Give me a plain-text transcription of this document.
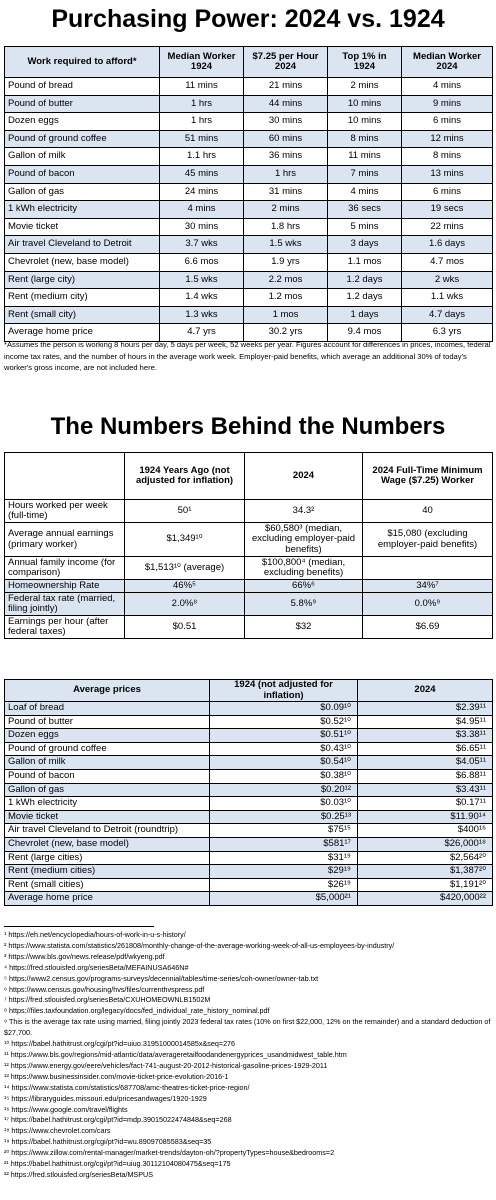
Purchasing Power: 2024 vs. 1924
Work required to afford*	Median Worker 1924	$7.25 per Hour 2024	Top 1% in 1924	Median Worker 2024
Pound of bread	11 mins	21 mins	2 mins	4 mins
Pound of butter	1 hrs	44 mins	10 mins	9 mins
Dozen eggs	1 hrs	30 mins	10 mins	6 mins
Pound of ground coffee	51 mins	60 mins	8 mins	12 mins
Gallon of milk	1.1 hrs	36 mins	11 mins	8 mins
Pound of bacon	45 mins	1 hrs	7 mins	13 mins
Gallon of gas	24 mins	31 mins	4 mins	6 mins
1 kWh electricity	4 mins	2 mins	36 secs	19 secs
Movie ticket	30 mins	1.8 hrs	5 mins	22 mins
Air travel Cleveland to Detroit	3.7 wks	1.5 wks	3 days	1.6 days
Chevrolet (new, base model)	6.6 mos	1.9 yrs	1.1 mos	4.7 mos
Rent (large city)	1.5 wks	2.2 mos	1.2 days	2 wks
Rent (medium city)	1.4 wks	1.2 mos	1.2 days	1.1 wks
Rent (small city)	1.3 wks	1 mos	1 days	4.7 days
Average home price	4.7 yrs	30.2 yrs	9.4 mos	6.3 yrs
*Assumes the person is working 8 hours per day, 5 days per week, 52 weeks per year. Figures account for differences in prices, incomes, federal income tax rates, and the number of hours in the average work week. Employer-paid benefits, which average an additional 30% of today's worker's gross income, are not included here.
The Numbers Behind the Numbers
	1924 Years Ago (not adjusted for inflation)	2024	2024 Full-Time Minimum Wage ($7.25) Worker
Hours worked per week (full-time)	50¹	34.3²	40
Average annual earnings (primary worker)	$1,349¹⁰	$60,580³ (median, excluding employer-paid benefits)	$15,080 (excluding employer-paid benefits)
Annual family income (for comparison)	$1,513¹⁰ (average)	$100,800⁴ (median, excluding benefits)	
Homeownership Rate	46%⁵	66%⁶	34%⁷
Federal tax rate (married, filing jointly)	2.0%⁸	5.8%⁹	0.0%⁹
Earnings per hour (after federal taxes)	$0.51	$32	$6.69
Average prices	1924 (not adjusted for inflation)	2024
Loaf of bread	$0.09¹⁰	$2.39¹¹
Pound of butter	$0.52¹⁰	$4.95¹¹
Dozen eggs	$0.51¹⁰	$3.38¹¹
Pound of ground coffee	$0.43¹⁰	$6.65¹¹
Gallon of milk	$0.54¹⁰	$4.05¹¹
Pound of bacon	$0.38¹⁰	$6.88¹¹
Gallon of gas	$0.20¹²	$3.43¹¹
1 kWh electricity	$0.03¹⁰	$0.17¹¹
Movie ticket	$0.25¹³	$11.90¹⁴
Air travel Cleveland to Detroit (roundtrip)	$75¹⁵	$400¹⁶
Chevrolet (new, base model)	$581¹⁷	$26,000¹⁸
Rent (large cities)	$31¹⁹	$2,564²⁰
Rent (medium cities)	$29¹⁹	$1,387²⁰
Rent (small cities)	$26¹⁹	$1,191²⁰
Average home price	$5,000²¹	$420,000²²
¹ https://eh.net/encyclopedia/hours-of-work-in-u-s-history/
² https://www.statista.com/statistics/261808/monthly-change-of-the-average-working-week-of-all-us-employees-by-industry/
³ https://www.bls.gov/news.release/pdf/wkyeng.pdf
⁴ https://fred.stlouisfed.org/seriesBeta/MEFAINUSA646N#
⁵ https://www2.census.gov/programs-surveys/decennial/tables/time-series/coh-owner/owner-tab.txt
⁶ https://www.census.gov/housing/hvs/files/currenthvspress.pdf
⁷ https://fred.stlouisfed.org/seriesBeta/CXUHOMEOWNLB1502M
⁸ https://files.taxfoundation.org/legacy/docs/fed_individual_rate_history_nominal.pdf
⁹ This is the average tax rate using married, filing jointly 2023 federal tax rates (10% on first $22,000, 12% on the remainder) and a standard deduction of $27,700.
¹⁰ https://babel.hathitrust.org/cgi/pt?id=uiuo.31951000014585x&seq=276
¹¹ https://www.bls.gov/regions/mid-atlantic/data/averageretailfoodandenergyprices_usandmidwest_table.htm
¹² https://www.energy.gov/eere/vehicles/fact-741-august-20-2012-historical-gasoline-prices-1929-2011
¹³ https://www.businessinsider.com/movie-ticket-price-evolution-2016-1
¹⁴ https://www.statista.com/statistics/687708/amc-theatres-ticket-price-region/
¹⁵ https://libraryguides.missouri.edu/pricesandwages/1920-1929
¹⁶ https://www.google.com/travel/flights
¹⁷ https://babel.hathitrust.org/cgi/pt?id=mdp.39015022474848&seq=268
¹⁸ https://www.chevrolet.com/cars
¹⁹ https://babel.hathitrust.org/cgi/pt?id=wu.89097085583&seq=35
²⁰ https://www.zillow.com/rental-manager/market-trends/dayton-oh/?propertyTypes=house&bedrooms=2
²¹ https://babel.hathitrust.org/cgi/pt?id=uiug.30112104080475&seq=175
²² https://fred.stlouisfed.org/seriesBeta/MSPUS
